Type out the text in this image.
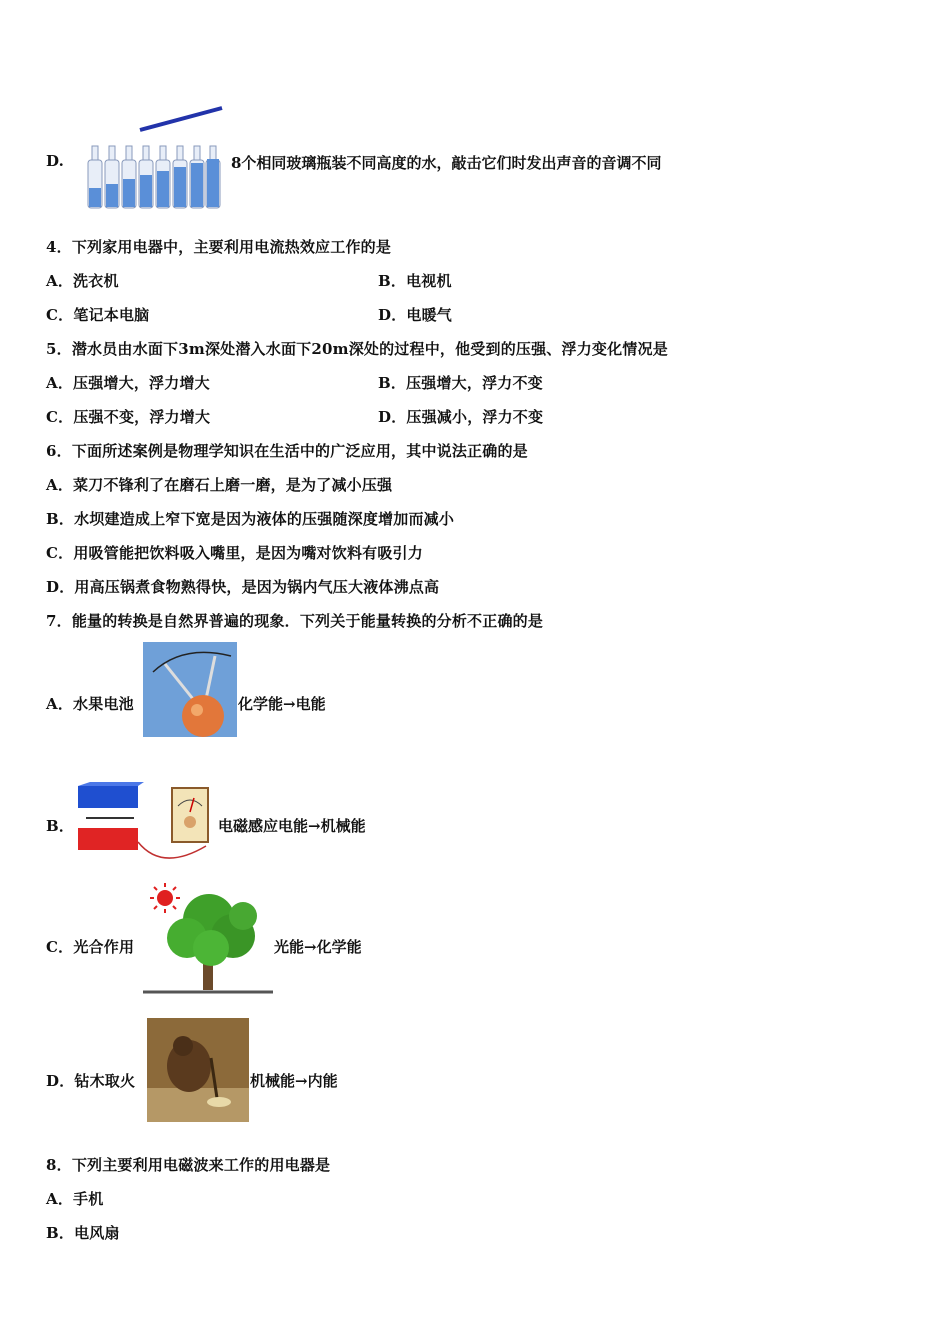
D.	8个相同玻璃瓶装不同高度的水，敲击它们时发出声音的音调不同
4．下列家用电器中，主要利用电流热效应工作的是
A．洗衣机	B．电视机
C．笔记本电脑	D．电暖气
5．潜水员由水面下3m深处潜入水面下20m深处的过程中，他受到的压强、浮力变化情况是
A．压强增大，浮力增大	B．压强增大，浮力不变
C．压强不变，浮力增大	D．压强减小，浮力不变
6．下面所述案例是物理学知识在生活中的广泛应用，其中说法正确的是
A．菜刀不锋利了在磨石上磨一磨，是为了减小压强
B．水坝建造成上窄下宽是因为液体的压强随深度增加而减小
C．用吸管能把饮料吸入嘴里，是因为嘴对饮料有吸引力
D．用高压锅煮食物熟得快，是因为锅内气压大液体沸点高
7．能量的转换是自然界普遍的现象．下列关于能量转换的分析不正确的是
A．水果电池	化学能→电能
B．	电磁感应电能→机械能
C．光合作用	光能→化学能
D．钻木取火	机械能→内能
8．下列主要利用电磁波来工作的用电器是
A．手机
B．电风扇
